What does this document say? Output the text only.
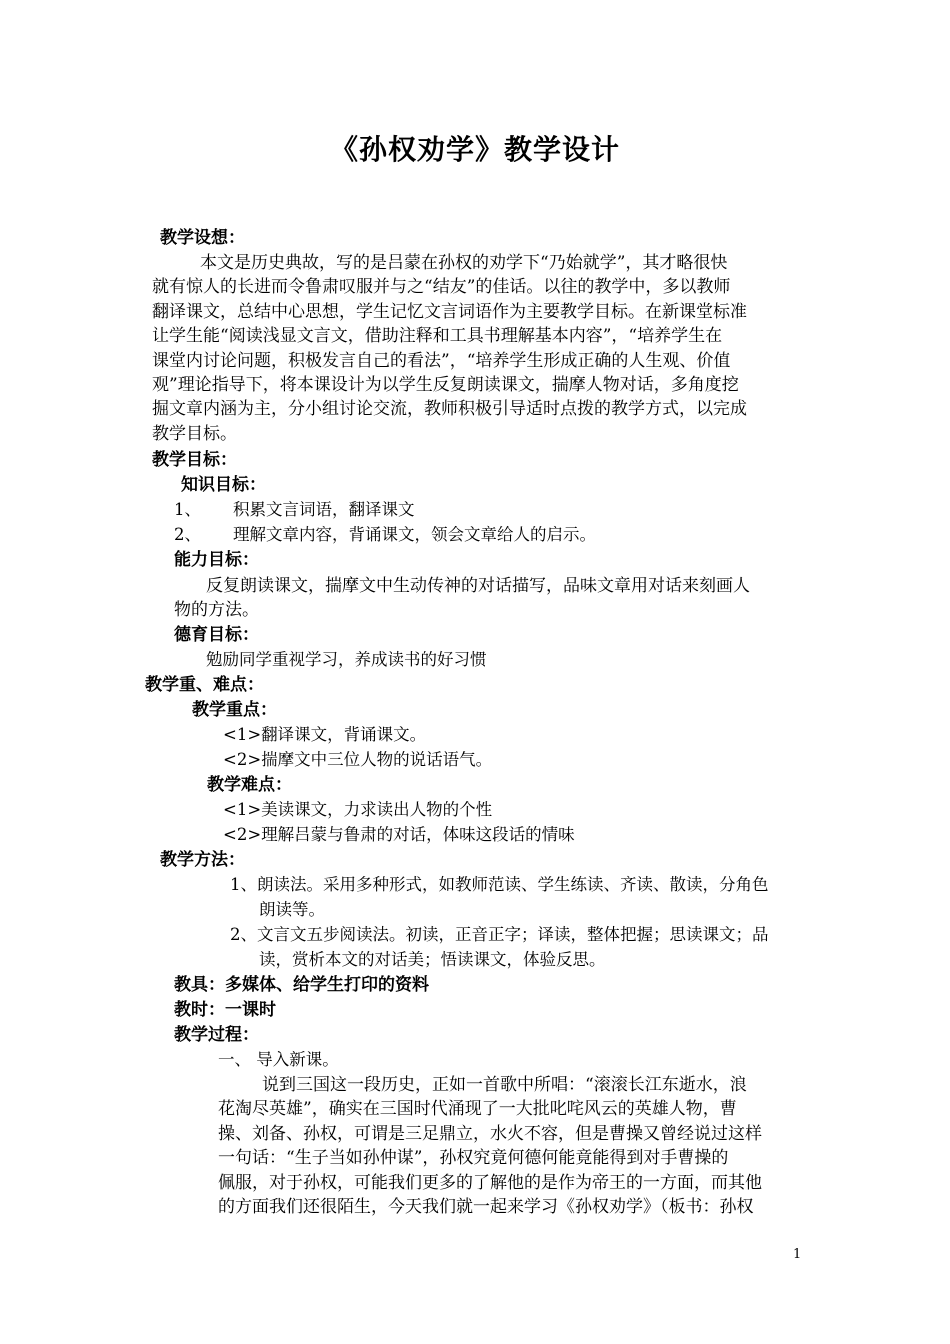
《孙权劝学》教学设计
教学设想：
本文是历史典故，写的是吕蒙在孙权的劝学下“乃始就学”，其才略很快
就有惊人的长进而令鲁肃叹服并与之“结友”的佳话。以往的教学中，多以教师
翻译课文，总结中心思想，学生记忆文言词语作为主要教学目标。在新课堂标准
让学生能“阅读浅显文言文，借助注释和工具书理解基本内容”，“培养学生在
课堂内讨论问题，积极发言自己的看法”，“培养学生形成正确的人生观、价值
观”理论指导下，将本课设计为以学生反复朗读课文，揣摩人物对话，多角度挖
掘文章内涵为主，分小组讨论交流，教师积极引导适时点拨的教学方式，以完成
教学目标。
教学目标：
知识目标：
1、 积累文言词语，翻译课文
2、 理解文章内容，背诵课文，领会文章给人的启示。
能力目标：
反复朗读课文，揣摩文中生动传神的对话描写，品味文章用对话来刻画人
物的方法。
德育目标：
勉励同学重视学习，养成读书的好习惯
教学重、难点：
教学重点：
<1>翻译课文，背诵课文。
<2>揣摩文中三位人物的说话语气。
教学难点：
<1>美读课文，力求读出人物的个性
<2>理解吕蒙与鲁肃的对话，体味这段话的情味
教学方法：
1、朗读法。采用多种形式，如教师范读、学生练读、齐读、散读，分角色
朗读等。
2、文言文五步阅读法。初读，正音正字；译读，整体把握；思读课文；品
读，赏析本文的对话美；悟读课文，体验反思。
教具：多媒体、给学生打印的资料
教时：一课时
教学过程：
一、 导入新课。
说到三国这一段历史，正如一首歌中所唱：“滚滚长江东逝水，浪
花淘尽英雄”，确实在三国时代涌现了一大批叱咤风云的英雄人物，曹
操、刘备、孙权，可谓是三足鼎立，水火不容，但是曹操又曾经说过这样
一句话：“生子当如孙仲谋”，孙权究竟何德何能竟能得到对手曹操的
佩服，对于孙权，可能我们更多的了解他的是作为帝王的一方面，而其他
的方面我们还很陌生，今天我们就一起来学习《孙权劝学》（板书：孙权
1
